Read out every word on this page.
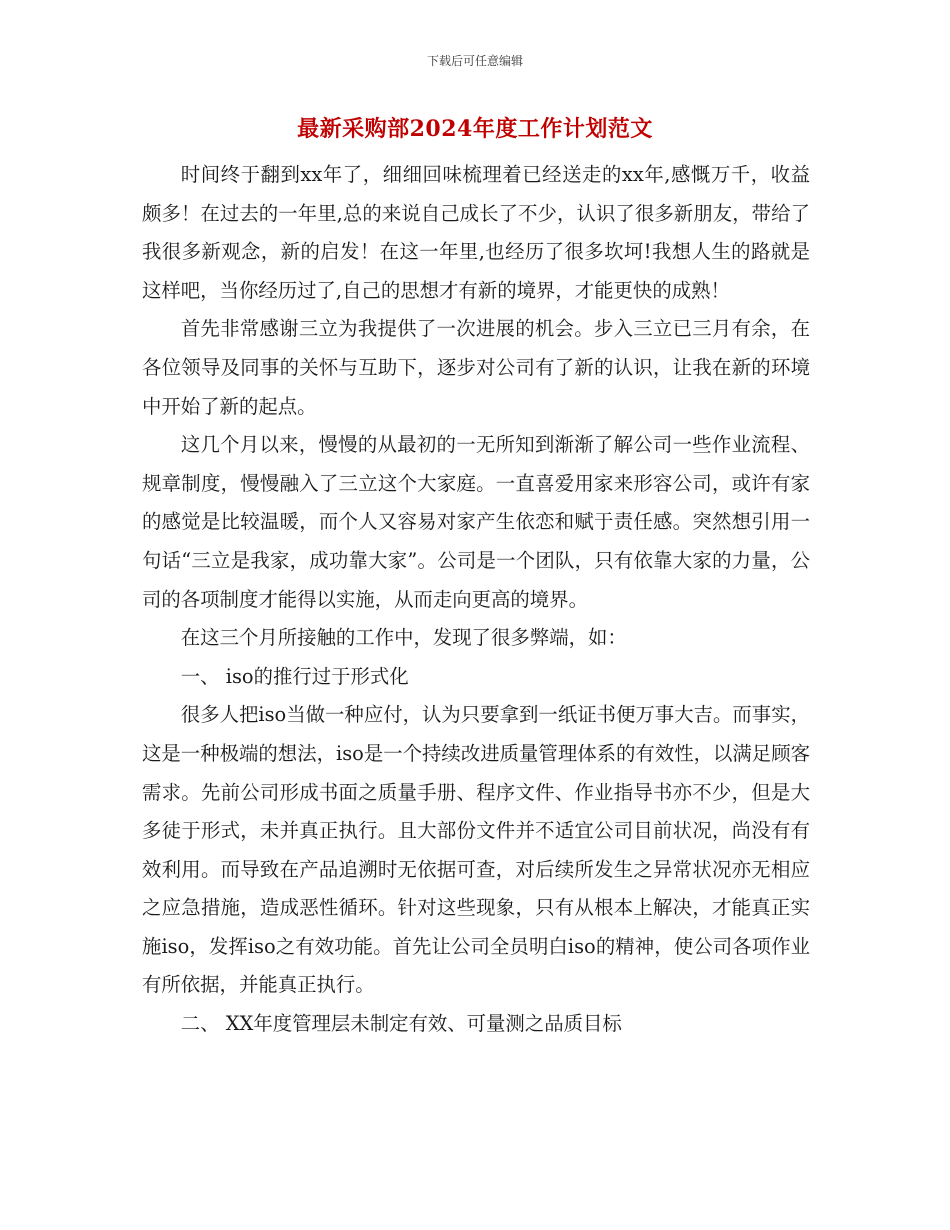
下载后可任意编辑
最新采购部2024年度工作计划范文

时间终于翻到xx年了，细细回味梳理着已经送走的xx年,感慨万千，收益颇多！在过去的一年里,总的来说自己成长了不少，认识了很多新朋友，带给了我很多新观念，新的启发！在这一年里,也经历了很多坎坷!我想人生的路就是这样吧，当你经历过了,自己的思想才有新的境界，才能更快的成熟！

首先非常感谢三立为我提供了一次进展的机会。步入三立已三月有余，在各位领导及同事的关怀与互助下，逐步对公司有了新的认识，让我在新的环境中开始了新的起点。

这几个月以来，慢慢的从最初的一无所知到渐渐了解公司一些作业流程、规章制度，慢慢融入了三立这个大家庭。一直喜爱用家来形容公司，或许有家的感觉是比较温暖，而个人又容易对家产生依恋和赋于责任感。突然想引用一句话“三立是我家，成功靠大家”。公司是一个团队，只有依靠大家的力量，公司的各项制度才能得以实施，从而走向更高的境界。

在这三个月所接触的工作中，发现了很多弊端，如：

一、 iso的推行过于形式化

很多人把iso当做一种应付，认为只要拿到一纸证书便万事大吉。而事实，这是一种极端的想法，iso是一个持续改进质量管理体系的有效性，以满足顾客需求。先前公司形成书面之质量手册、程序文件、作业指导书亦不少，但是大多徒于形式，未并真正执行。且大部份文件并不适宜公司目前状况，尚没有有效利用。而导致在产品追溯时无依据可查，对后续所发生之异常状况亦无相应之应急措施，造成恶性循环。针对这些现象，只有从根本上解决，才能真正实施iso，发挥iso之有效功能。首先让公司全员明白iso的精神，使公司各项作业有所依据，并能真正执行。

二、 XX年度管理层未制定有效、可量测之品质目标
